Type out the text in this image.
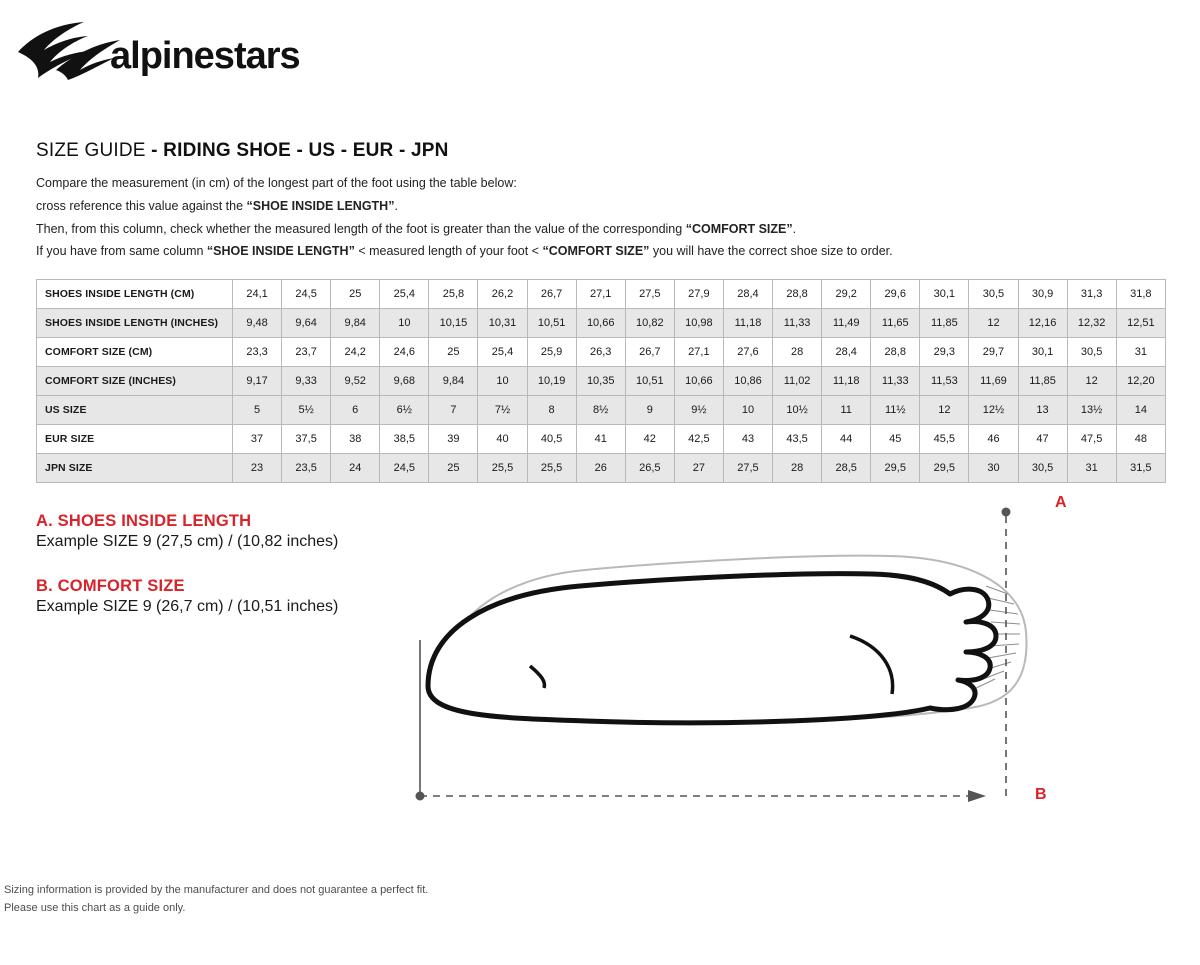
alpinestars
SIZE GUIDE - RIDING SHOE - US - EUR - JPN

Compare the measurement (in cm) of the longest part of the foot using the table below:

cross reference this value against the “SHOE INSIDE LENGTH”.

Then, from this column, check whether the measured length of the foot is greater than the value of the corresponding “COMFORT SIZE”.

If you have from same column “SHOE INSIDE LENGTH” < measured length of your foot < “COMFORT SIZE” you will have the correct shoe size to order.

SHOES INSIDE LENGTH (CM)	24,1	24,5	25	25,4	25,8	26,2	26,7	27,1	27,5	27,9	28,4	28,8	29,2	29,6	30,1	30,5	30,9	31,3	31,8
SHOES INSIDE LENGTH (INCHES)	9,48	9,64	9,84	10	10,15	10,31	10,51	10,66	10,82	10,98	11,18	11,33	11,49	11,65	11,85	12	12,16	12,32	12,51
COMFORT SIZE (CM)	23,3	23,7	24,2	24,6	25	25,4	25,9	26,3	26,7	27,1	27,6	28	28,4	28,8	29,3	29,7	30,1	30,5	31
COMFORT SIZE (INCHES)	9,17	9,33	9,52	9,68	9,84	10	10,19	10,35	10,51	10,66	10,86	11,02	11,18	11,33	11,53	11,69	11,85	12	12,20
US SIZE	5	5½	6	6½	7	7½	8	8½	9	9½	10	10½	11	11½	12	12½	13	13½	14
EUR SIZE	37	37,5	38	38,5	39	40	40,5	41	42	42,5	43	43,5	44	45	45,5	46	47	47,5	48
JPN SIZE	23	23,5	24	24,5	25	25,5	25,5	26	26,5	27	27,5	28	28,5	29,5	29,5	30	30,5	31	31,5
A. SHOES INSIDE LENGTH

Example SIZE 9 (27,5 cm) / (10,82 inches)

B. COMFORT SIZE

Example SIZE 9 (26,7 cm) / (10,51 inches)

A
B

Sizing information is provided by the manufacturer and does not guarantee a perfect fit.

Please use this chart as a guide only.
